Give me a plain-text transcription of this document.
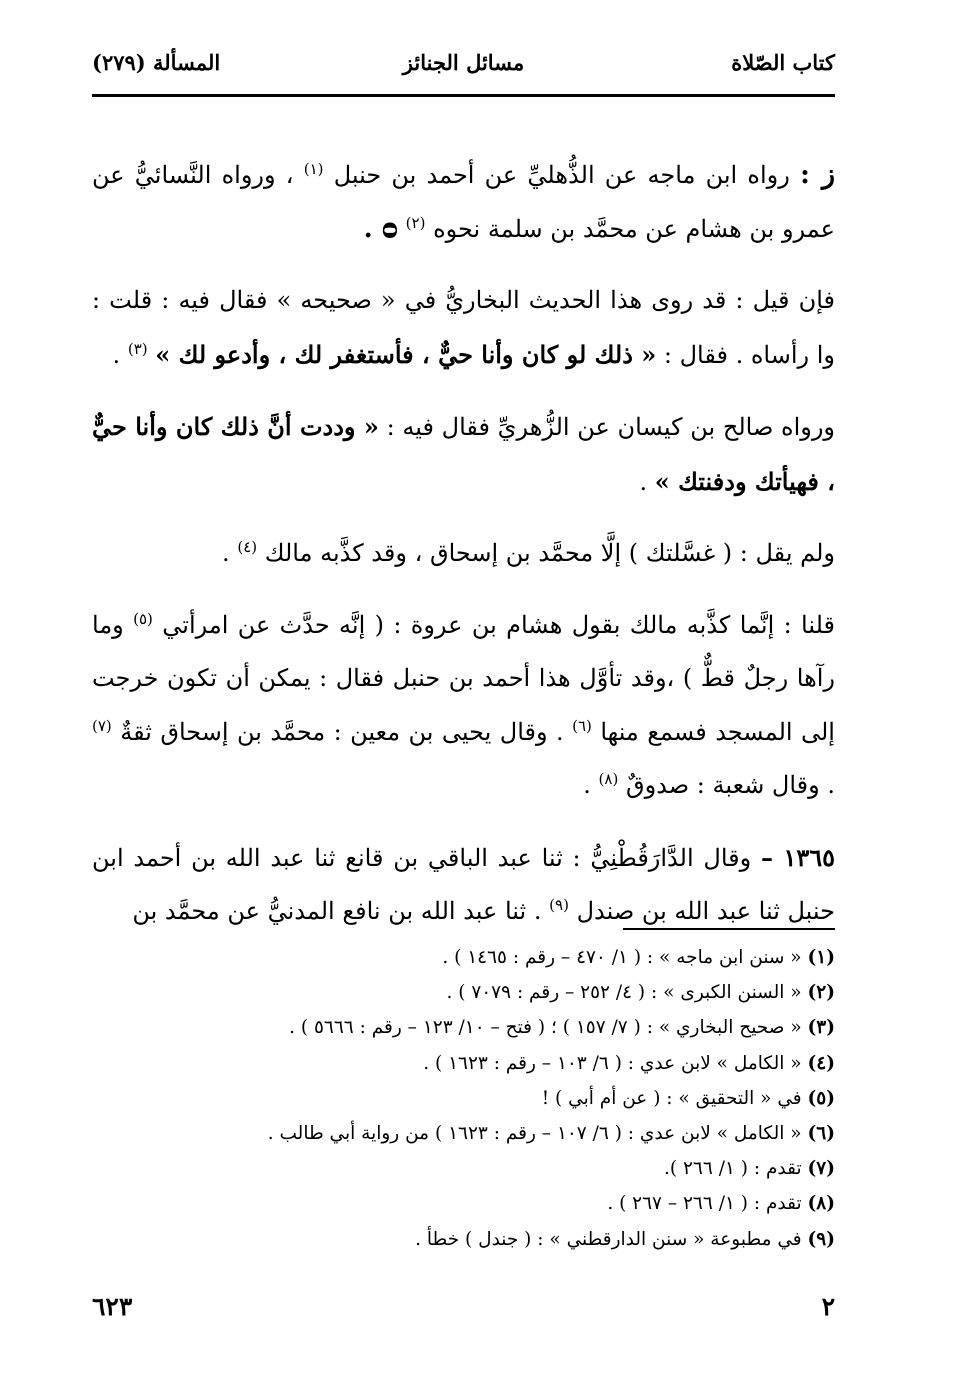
كتاب الصّلاة
مسائل الجنائز
المسألة (٢٧٩)

ز : رواه ابن ماجه عن الذُّهليِّ عن أحمد بن حنبل $^{(١)}$ ، ورواه النَّسائيُّ عن عمرو بن هشام عن محمَّد بن سلمة نحوه $^{(٢)}$ ᴑ .

فإن قيل : قد روى هذا الحديث البخاريُّ في « صحيحه » فقال فيه : قلت : وا رأساه . فقال : « ذلك لو كان وأنا حيٌّ ، فأستغفر لك ، وأدعو لك » $^{(٣)}$ .

ورواه صالح بن كيسان عن الزُّهريِّ فقال فيه : « وددت أنَّ ذلك كان وأنا حيٌّ ، فهيأتك ودفنتك » .

ولم يقل : ( غسَّلتك ) إلَّا محمَّد بن إسحاق ، وقد كذَّبه مالك $^{(٤)}$ .

قلنا : إنَّما كذَّبه مالك بقول هشام بن عروة : ( إنَّه حدَّث عن امرأتي $^{(٥)}$ وما رآها رجلٌ قطٌّ ) ،وقد تأوَّل هذا أحمد بن حنبل فقال : يمكن أن تكون خرجت إلى المسجد فسمع منها $^{(٦)}$ . وقال يحيى بن معين : محمَّد بن إسحاق ثقةٌ $^{(٧)}$ . وقال شعبة : صدوقٌ $^{(٨)}$ .

١٣٦٥ – وقال الدَّارَقُطْنِيُّ : ثنا عبد الباقي بن قانع ثنا عبد الله بن أحمد ابن حنبل ثنا عبد الله بن صندل $^{(٩)}$ . ثنا عبد الله بن نافع المدنيُّ عن محمَّد بن

(١) « سنن ابن ماجه » : ( ١/ ٤٧٠ – رقم : ١٤٦٥ ) .

(٢) « السنن الكبرى » : ( ٤/ ٢٥٢ – رقم : ٧٠٧٩ ) .

(٣) « صحيح البخاري » : ( ٧/ ١٥٧ ) ؛ ( فتح – ١٠/ ١٢٣ – رقم : ٥٦٦٦ ) .

(٤) « الكامل » لابن عدي : ( ٦/ ١٠٣ – رقم : ١٦٢٣ ) .

(٥) في « التحقيق » : ( عن أم أبي ) !

(٦) « الكامل » لابن عدي : ( ٦/ ١٠٧ – رقم : ١٦٢٣ ) من رواية أبي طالب .

(٧) تقدم : ( ١/ ٢٦٦ ).

(٨) تقدم : ( ١/ ٢٦٦ – ٢٦٧ ) .

(٩) في مطبوعة « سنن الدارقطني » : ( جندل ) خطأ .

٢
٦٢٣
